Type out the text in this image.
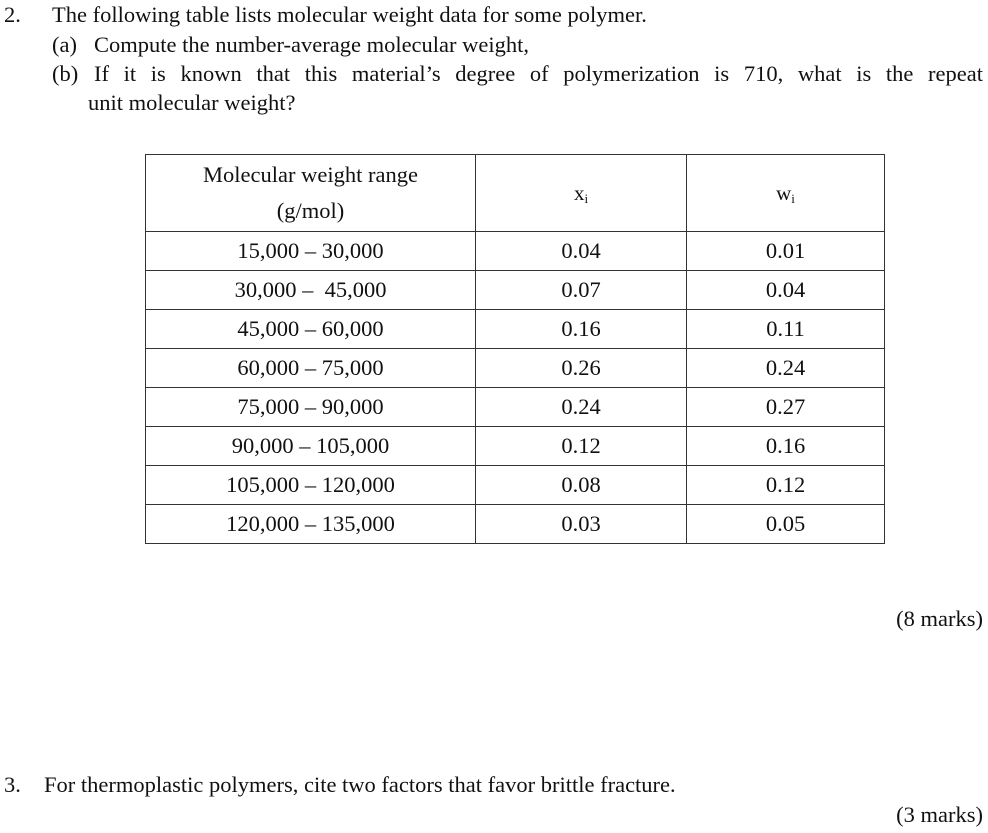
2. The following table lists molecular weight data for some polymer.
(a) Compute the number-average molecular weight,
(b) If it is known that this material’s degree of polymerization is 710, what is the repeat
unit molecular weight?
Molecular weight range
(g/mol)	$x_i$	$w_i$
15,000 – 30,000	0.04	0.01
30,000 –  45,000	0.07	0.04
45,000 – 60,000	0.16	0.11
60,000 – 75,000	0.26	0.24
75,000 – 90,000	0.24	0.27
90,000 – 105,000	0.12	0.16
105,000 – 120,000	0.08	0.12
120,000 – 135,000	0.03	0.05
(8 marks)
3. For thermoplastic polymers, cite two factors that favor brittle fracture.
(3 marks)
